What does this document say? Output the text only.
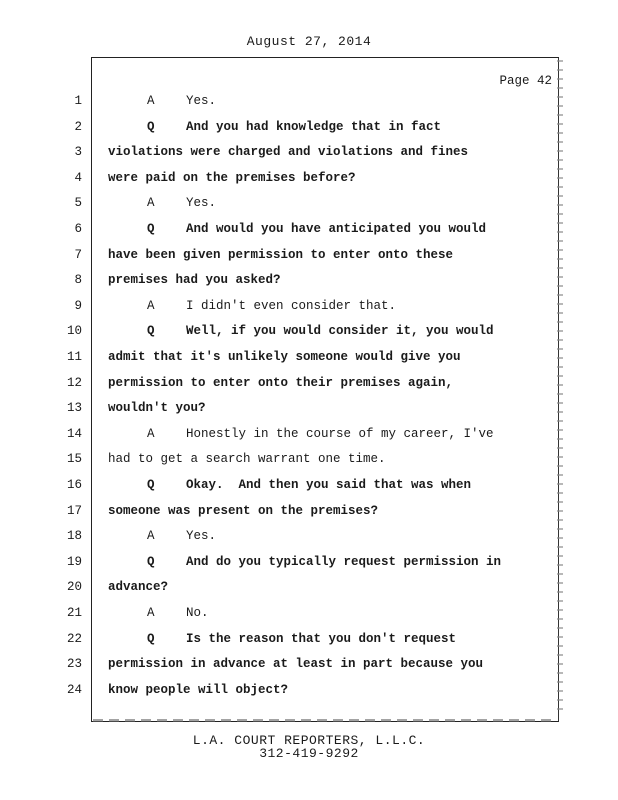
August 27, 2014
Page 42
1	A	Yes.
2	Q	And you had knowledge that in fact
3 violations were charged and violations and fines
4 were paid on the premises before?
5	A	Yes.
6	Q	And would you have anticipated you would
7 have been given permission to enter onto these
8 premises had you asked?
9	A	I didn't even consider that.
10	Q	Well, if you would consider it, you would
11 admit that it's unlikely someone would give you
12 permission to enter onto their premises again,
13 wouldn't you?
14	A	Honestly in the course of my career, I've
15 had to get a search warrant one time.
16	Q	Okay.  And then you said that was when
17 someone was present on the premises?
18	A	Yes.
19	Q	And do you typically request permission in
20 advance?
21	A	No.
22	Q	Is the reason that you don't request
23 permission in advance at least in part because you
24 know people will object?
L.A. COURT REPORTERS, L.L.C.
312-419-9292
